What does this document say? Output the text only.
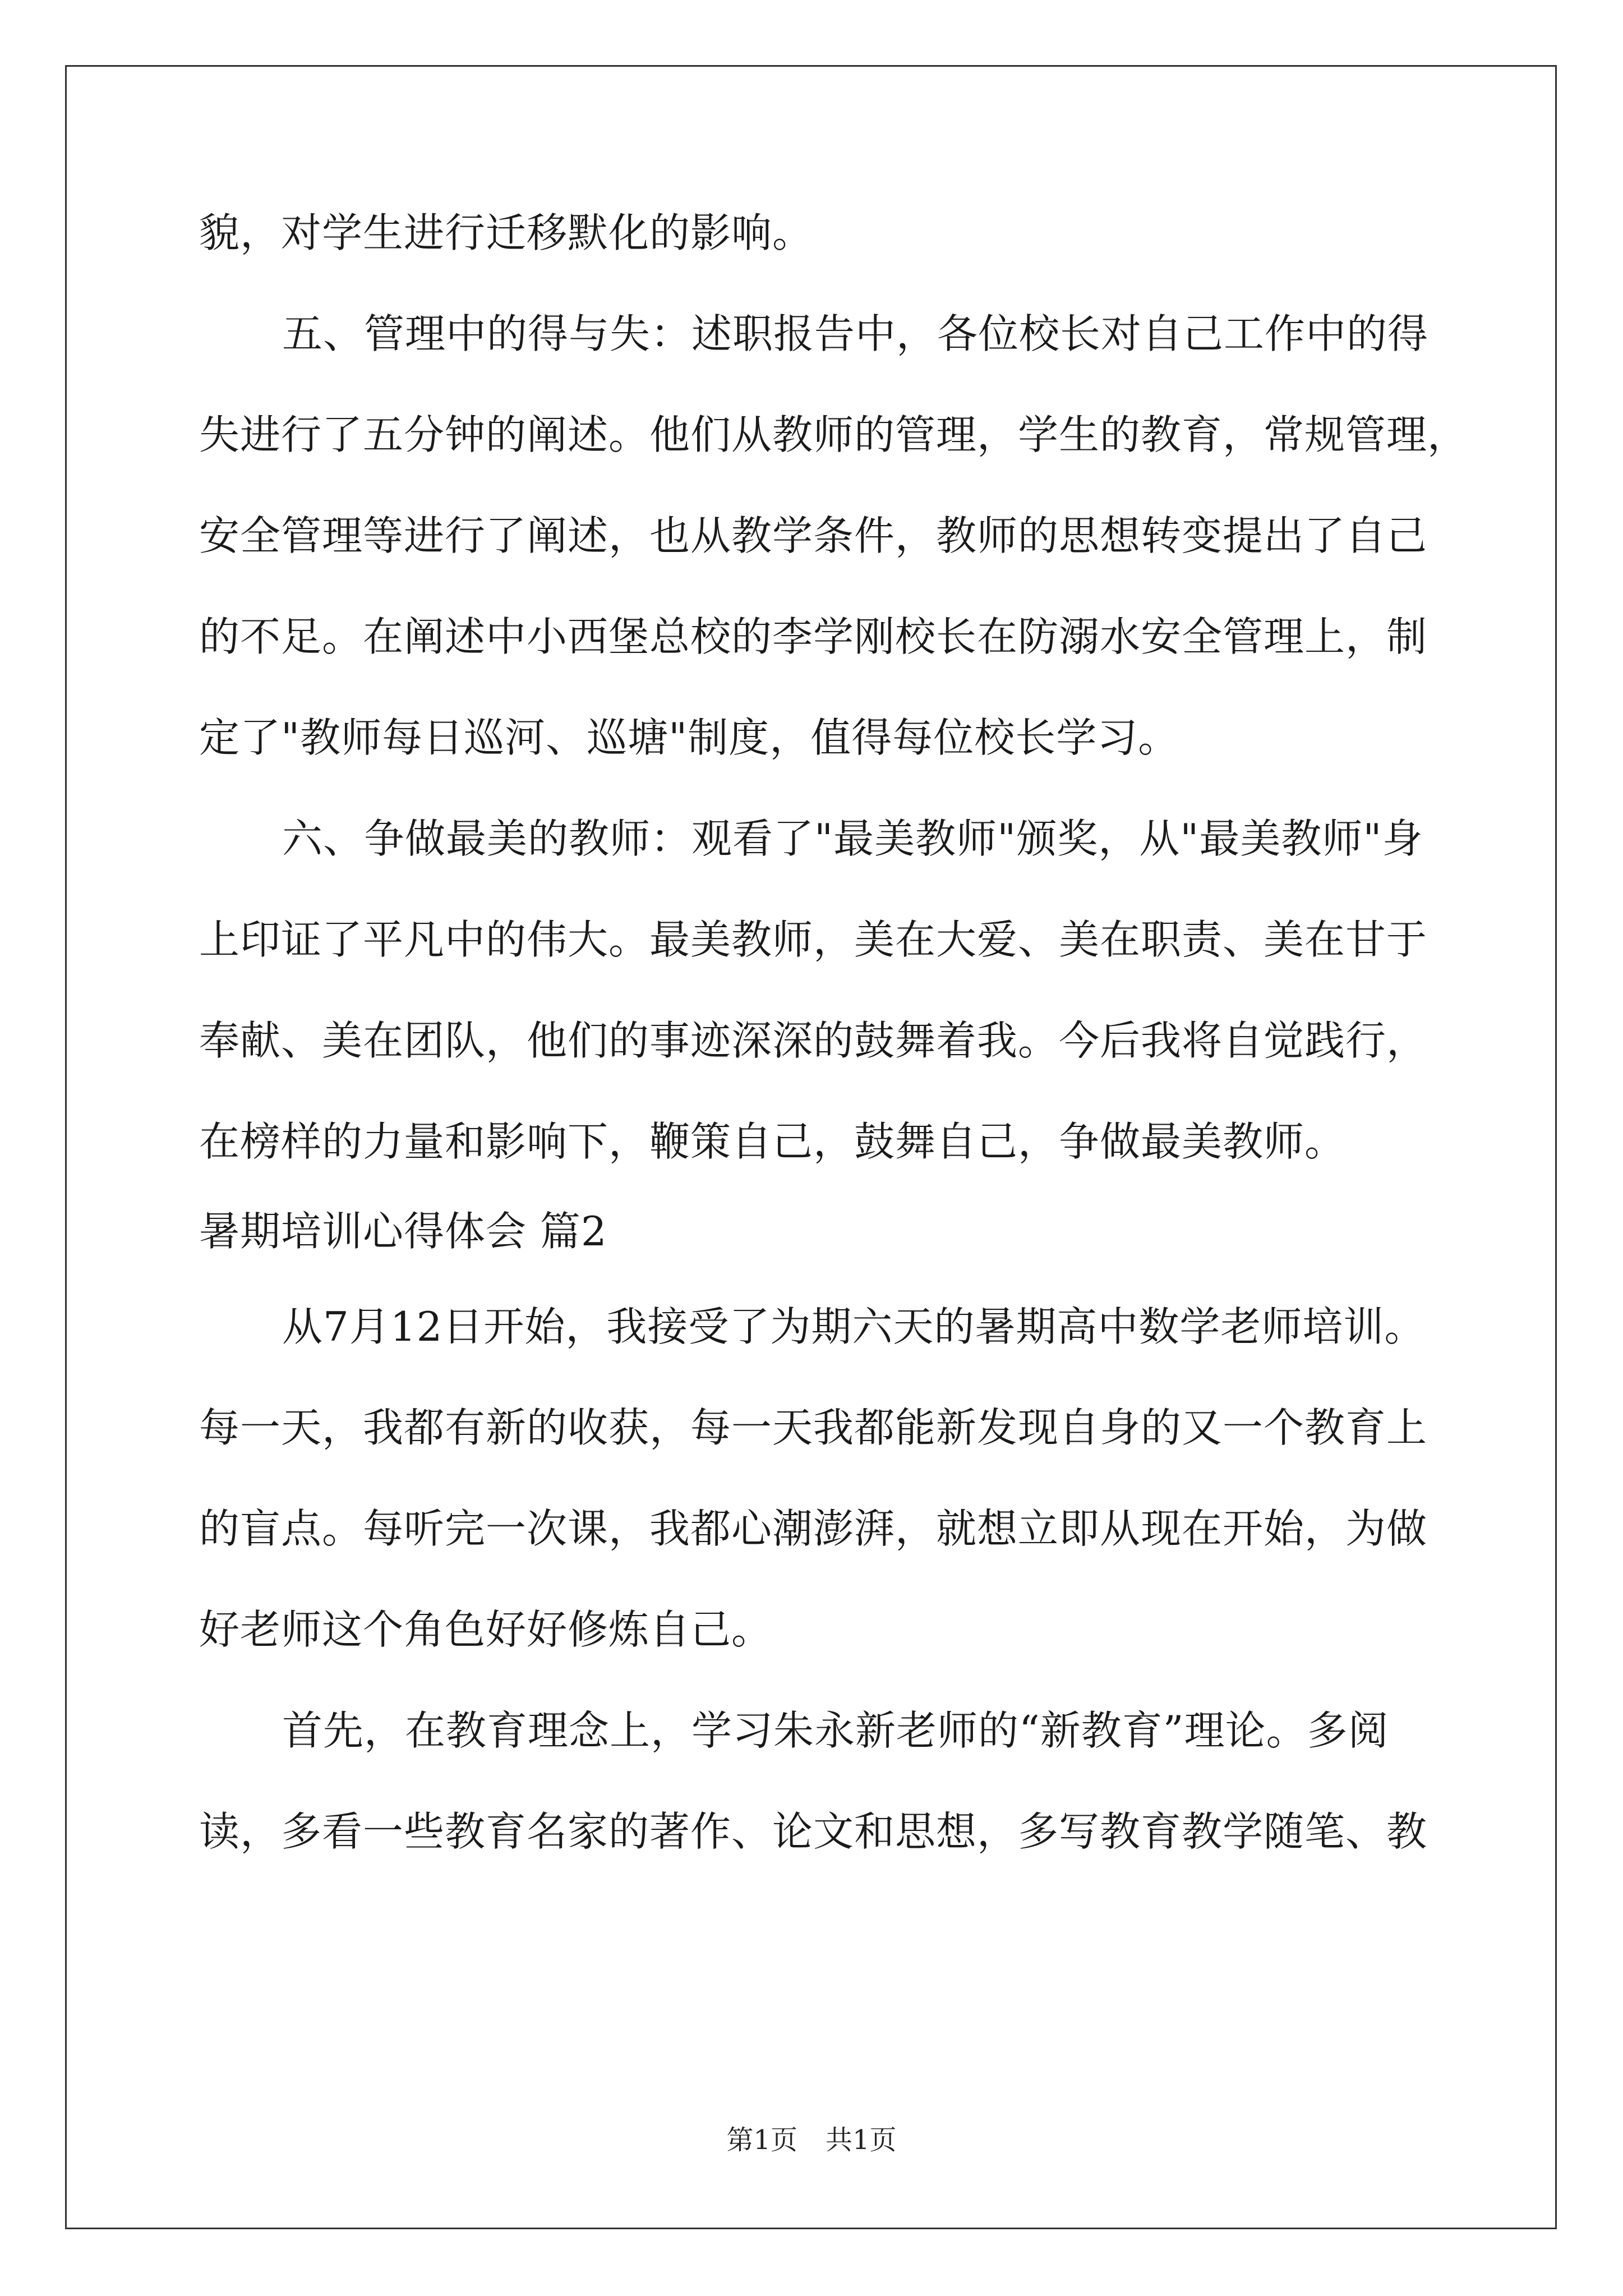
貌，对学生进行迁移默化的影响。
五、管理中的得与失：述职报告中，各位校长对自己工作中的得
失进行了五分钟的阐述。他们从教师的管理，学生的教育，常规管理，
安全管理等进行了阐述，也从教学条件，教师的思想转变提出了自己
的不足。在阐述中小西堡总校的李学刚校长在防溺水安全管理上，制
定了"教师每日巡河、巡塘"制度，值得每位校长学习。
六、争做最美的教师：观看了"最美教师"颁奖，从"最美教师"身
上印证了平凡中的伟大。最美教师，美在大爱、美在职责、美在甘于
奉献、美在团队，他们的事迹深深的鼓舞着我。今后我将自觉践行，
在榜样的力量和影响下，鞭策自己，鼓舞自己，争做最美教师。
暑期培训心得体会 篇2
从7月12日开始，我接受了为期六天的暑期高中数学老师培训。
每一天，我都有新的收获，每一天我都能新发现自身的又一个教育上
的盲点。每听完一次课，我都心潮澎湃，就想立即从现在开始，为做
好老师这个角色好好修炼自己。
首先，在教育理念上，学习朱永新老师的“新教育”理论。多阅
读，多看一些教育名家的著作、论文和思想，多写教育教学随笔、教
第1页 共1页
